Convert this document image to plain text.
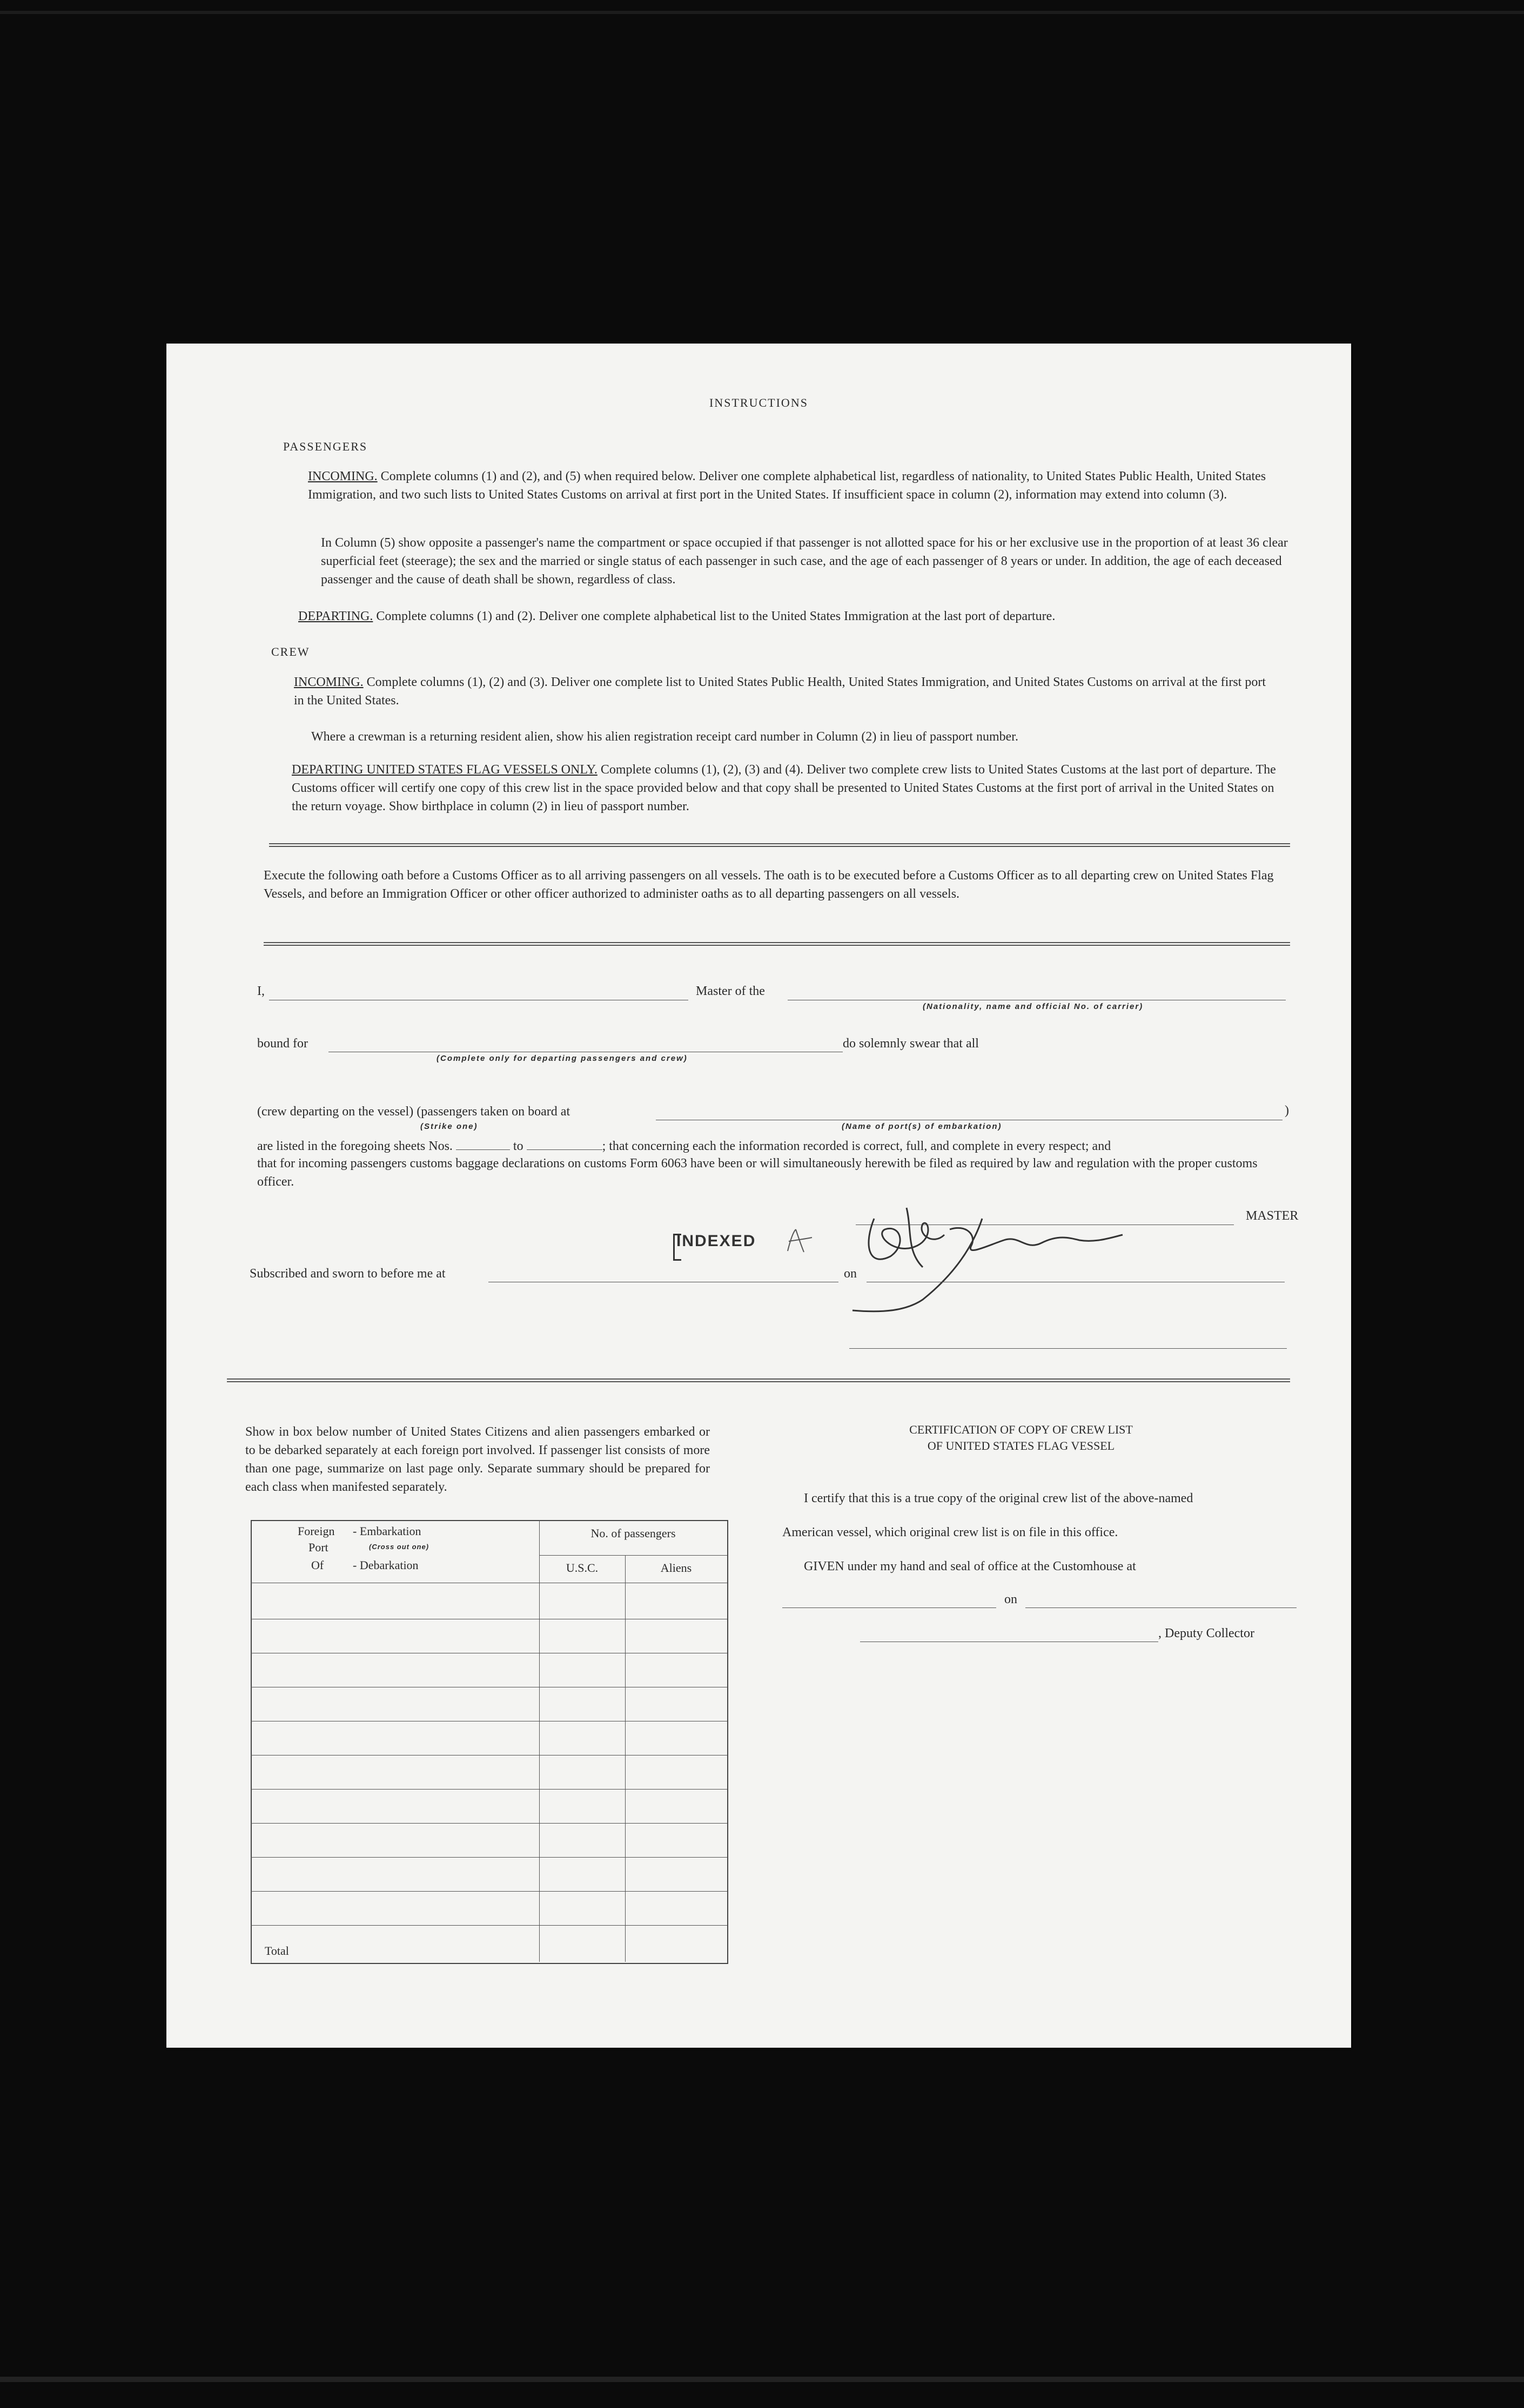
INSTRUCTIONS
PASSENGERS
INCOMING. Complete columns (1) and (2), and (5) when required below. Deliver one complete alphabetical list, regardless of nationality, to United States Public Health, United States Immigration, and two such lists to United States Customs on arrival at first port in the United States. If insufficient space in column (2), information may extend into column (3).
In Column (5) show opposite a passenger's name the compartment or space occupied if that passenger is not allotted space for his or her exclusive use in the proportion of at least 36 clear superficial feet (steerage); the sex and the married or single status of each passenger in such case, and the age of each passenger of 8 years or under. In addition, the age of each deceased passenger and the cause of death shall be shown, regardless of class.
DEPARTING. Complete columns (1) and (2). Deliver one complete alphabetical list to the United States Immigration at the last port of departure.
CREW
INCOMING. Complete columns (1), (2) and (3). Deliver one complete list to United States Public Health, United States Immigration, and United States Customs on arrival at the first port in the United States.
Where a crewman is a returning resident alien, show his alien registration receipt card number in Column (2) in lieu of passport number.
DEPARTING UNITED STATES FLAG VESSELS ONLY. Complete columns (1), (2), (3) and (4). Deliver two complete crew lists to United States Customs at the last port of departure. The Customs officer will certify one copy of this crew list in the space provided below and that copy shall be presented to United States Customs at the first port of arrival in the United States on the return voyage. Show birthplace in column (2) in lieu of passport number.
Execute the following oath before a Customs Officer as to all arriving passengers on all vessels. The oath is to be executed before a Customs Officer as to all departing crew on United States Flag Vessels, and before an Immigration Officer or other officer authorized to administer oaths as to all departing passengers on all vessels.
I,	Master of the
(Nationality, name and official No. of carrier)
bound for	do solemnly swear that all
(Complete only for departing passengers and crew)
(crew departing on the vessel) (passengers taken on board at	)
(Strike one)	(Name of port(s) of embarkation)
are listed in the foregoing sheets Nos.	to	; that concerning each the information recorded is correct, full, and complete in every respect; and
that for incoming passengers customs baggage declarations on customs Form 6063 have been or will simultaneously herewith be filed as required by law and regulation with the proper customs officer.
MASTER
INDEXED
Subscribed and sworn to before me at	on
Show in box below number of United States Citizens and alien passengers embarked or to be debarked separately at each foreign port involved. If passenger list consists of more than one page, summarize on last page only. Separate summary should be prepared for each class when manifested separately.
Foreign - Embarkation
Port	(Cross out one)
Of - Debarkation
No. of passengers
U.S.C.	Aliens
Total
CERTIFICATION OF COPY OF CREW LIST
OF UNITED STATES FLAG VESSEL
I certify that this is a true copy of the original crew list of the above-named
American vessel, which original crew list is on file in this office.
GIVEN under my hand and seal of office at the Customhouse at
on
, Deputy Collector
